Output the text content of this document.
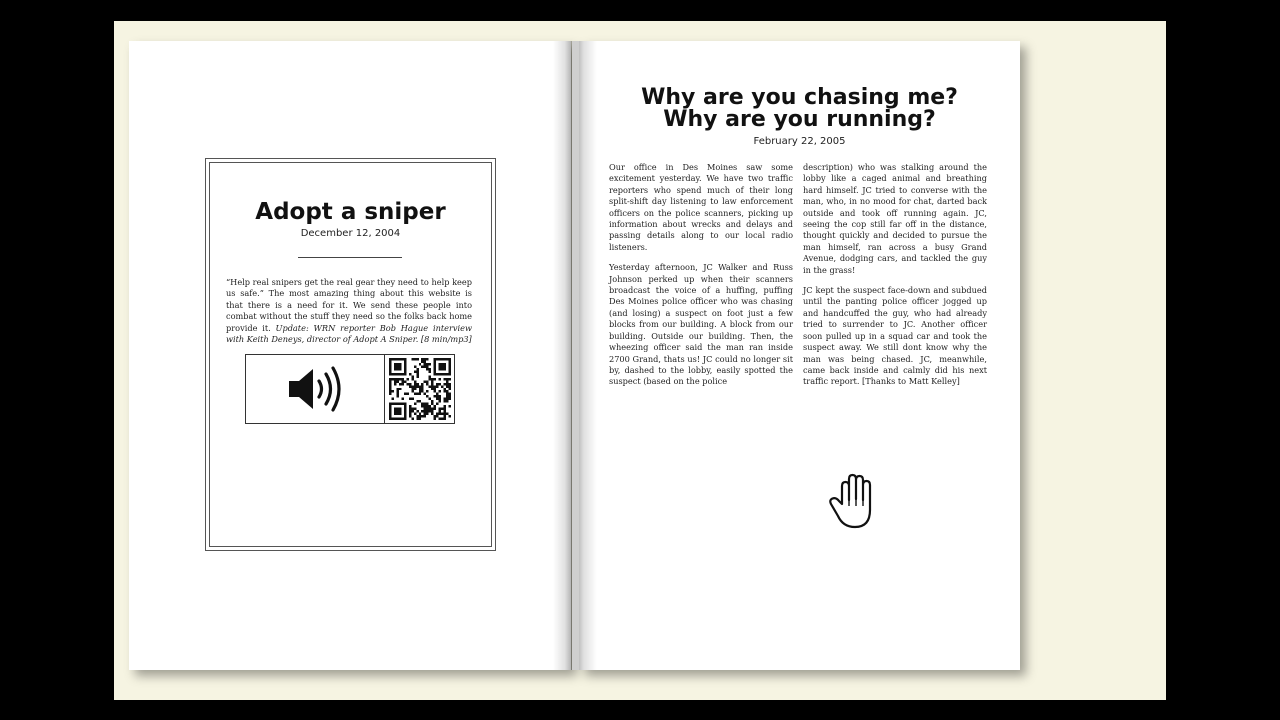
Adopt a sniper
December 12, 2004
“Help real snipers get the real gear they need to help keep us safe.” The most amazing thing about this website is that there is a need for it. We send these people into combat without the stuff they need so the folks back home provide it. Update: WRN reporter Bob Hague interview with Keith Deneys, director of Adopt A Sniper. [8 min/mp3]
Why are you chasing me?
Why are you running?
February 22, 2005

Our office in Des Moines saw some excitement yesterday. We have two traffic reporters who spend much of their long split-shift day listening to law enforcement officers on the police scanners, picking up information about wrecks and delays and passing details along to our local radio listeners.

Yesterday afternoon, JC Walker and Russ Johnson perked up when their scanners broadcast the voice of a huffing, puffing Des Moines police officer who was chasing (and losing) a suspect on foot just a few blocks from our building. A block from our building. Outside our building. Then, the wheezing officer said the man ran inside 2700 Grand, thats us! JC could no longer sit by, dashed to the lobby, easily spotted the suspect (based on the police

description) who was stalking around the lobby like a caged animal and breathing hard himself. JC tried to converse with the man, who, in no mood for chat, darted back outside and took off running again. JC, seeing the cop still far off in the distance, thought quickly and decided to pursue the man himself, ran across a busy Grand Avenue, dodging cars, and tackled the guy in the grass!

JC kept the suspect face-down and subdued until the panting police officer jogged up and handcuffed the guy, who had already tried to surrender to JC. Another officer soon pulled up in a squad car and took the suspect away. We still dont know why the man was being chased. JC, meanwhile, came back inside and calmly did his next traffic report. [Thanks to Matt Kelley]
